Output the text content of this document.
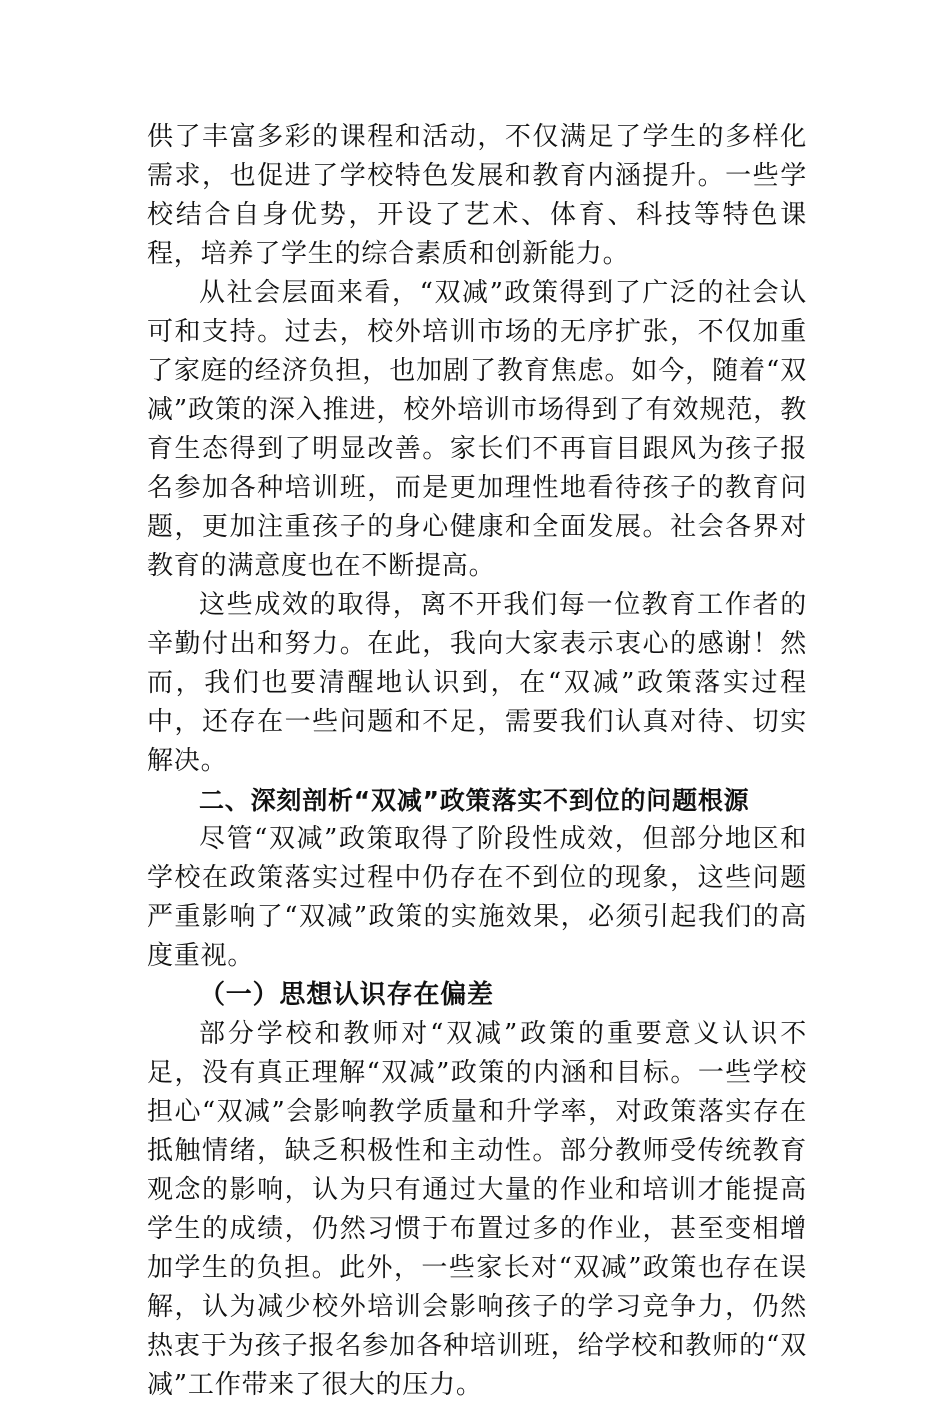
供了丰富多彩的课程和活动，不仅满足了学生的多样化需求，也促进了学校特色发展和教育内涵提升。一些学校结合自身优势，开设了艺术、体育、科技等特色课程，培养了学生的综合素质和创新能力。

从社会层面来看，“双减”政策得到了广泛的社会认可和支持。过去，校外培训市场的无序扩张，不仅加重了家庭的经济负担，也加剧了教育焦虑。如今，随着“双减”政策的深入推进，校外培训市场得到了有效规范，教育生态得到了明显改善。家长们不再盲目跟风为孩子报名参加各种培训班，而是更加理性地看待孩子的教育问题，更加注重孩子的身心健康和全面发展。社会各界对教育的满意度也在不断提高。

这些成效的取得，离不开我们每一位教育工作者的辛勤付出和努力。在此，我向大家表示衷心的感谢！然而，我们也要清醒地认识到，在“双减”政策落实过程中，还存在一些问题和不足，需要我们认真对待、切实解决。

二、深刻剖析“双减”政策落实不到位的问题根源

尽管“双减”政策取得了阶段性成效，但部分地区和学校在政策落实过程中仍存在不到位的现象，这些问题严重影响了“双减”政策的实施效果，必须引起我们的高度重视。

（一）思想认识存在偏差

部分学校和教师对“双减”政策的重要意义认识不足，没有真正理解“双减”政策的内涵和目标。一些学校担心“双减”会影响教学质量和升学率，对政策落实存在抵触情绪，缺乏积极性和主动性。部分教师受传统教育观念的影响，认为只有通过大量的作业和培训才能提高学生的成绩，仍然习惯于布置过多的作业，甚至变相增加学生的负担。此外，一些家长对“双减”政策也存在误解，认为减少校外培训会影响孩子的学习竞争力，仍然热衷于为孩子报名参加各种培训班，给学校和教师的“双减”工作带来了很大的压力。
